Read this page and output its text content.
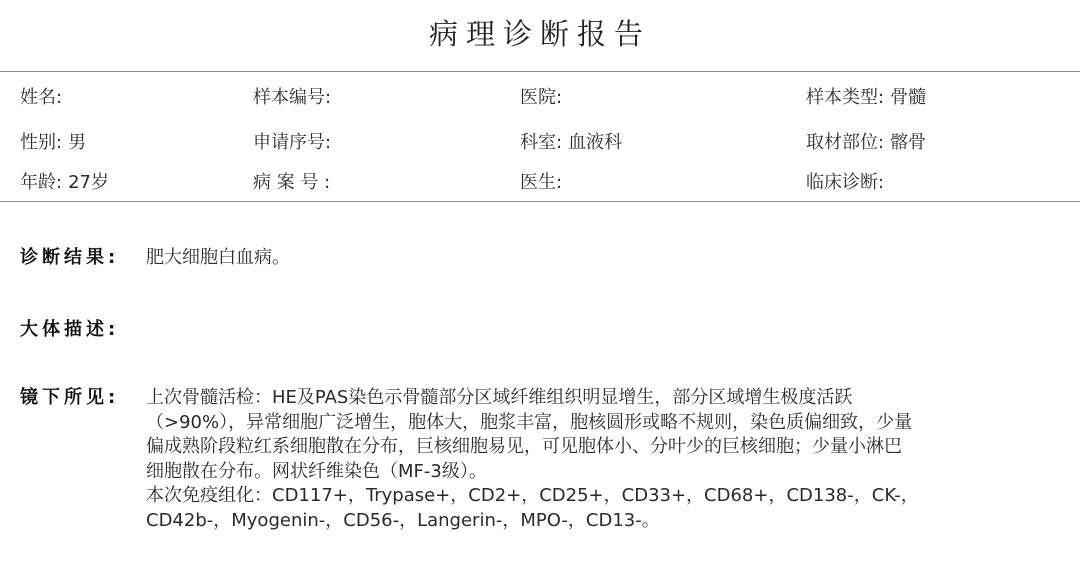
病理诊断报告
姓名:	样本编号:	医院:	样本类型: 骨髓
性别: 男	申请序号:	科室: 血液科	取材部位: 髂骨
年龄: 27岁	病 案 号 :	医生:	临床诊断:
诊断结果: 肥大细胞白血病。
大体描述:
镜下所见: 上次骨髓活检：HE及PAS染色示骨髓部分区域纤维组织明显增生，部分区域增生极度活跃
（>90%），异常细胞广泛增生，胞体大，胞浆丰富，胞核圆形或略不规则，染色质偏细致，少量
偏成熟阶段粒红系细胞散在分布，巨核细胞易见，可见胞体小、分叶少的巨核细胞；少量小淋巴
细胞散在分布。网状纤维染色（MF-3级）。
本次免疫组化：CD117+，Trypase+，CD2+，CD25+，CD33+，CD68+，CD138-，CK-，
CD42b-，Myogenin-，CD56-，Langerin-，MPO-，CD13-。
